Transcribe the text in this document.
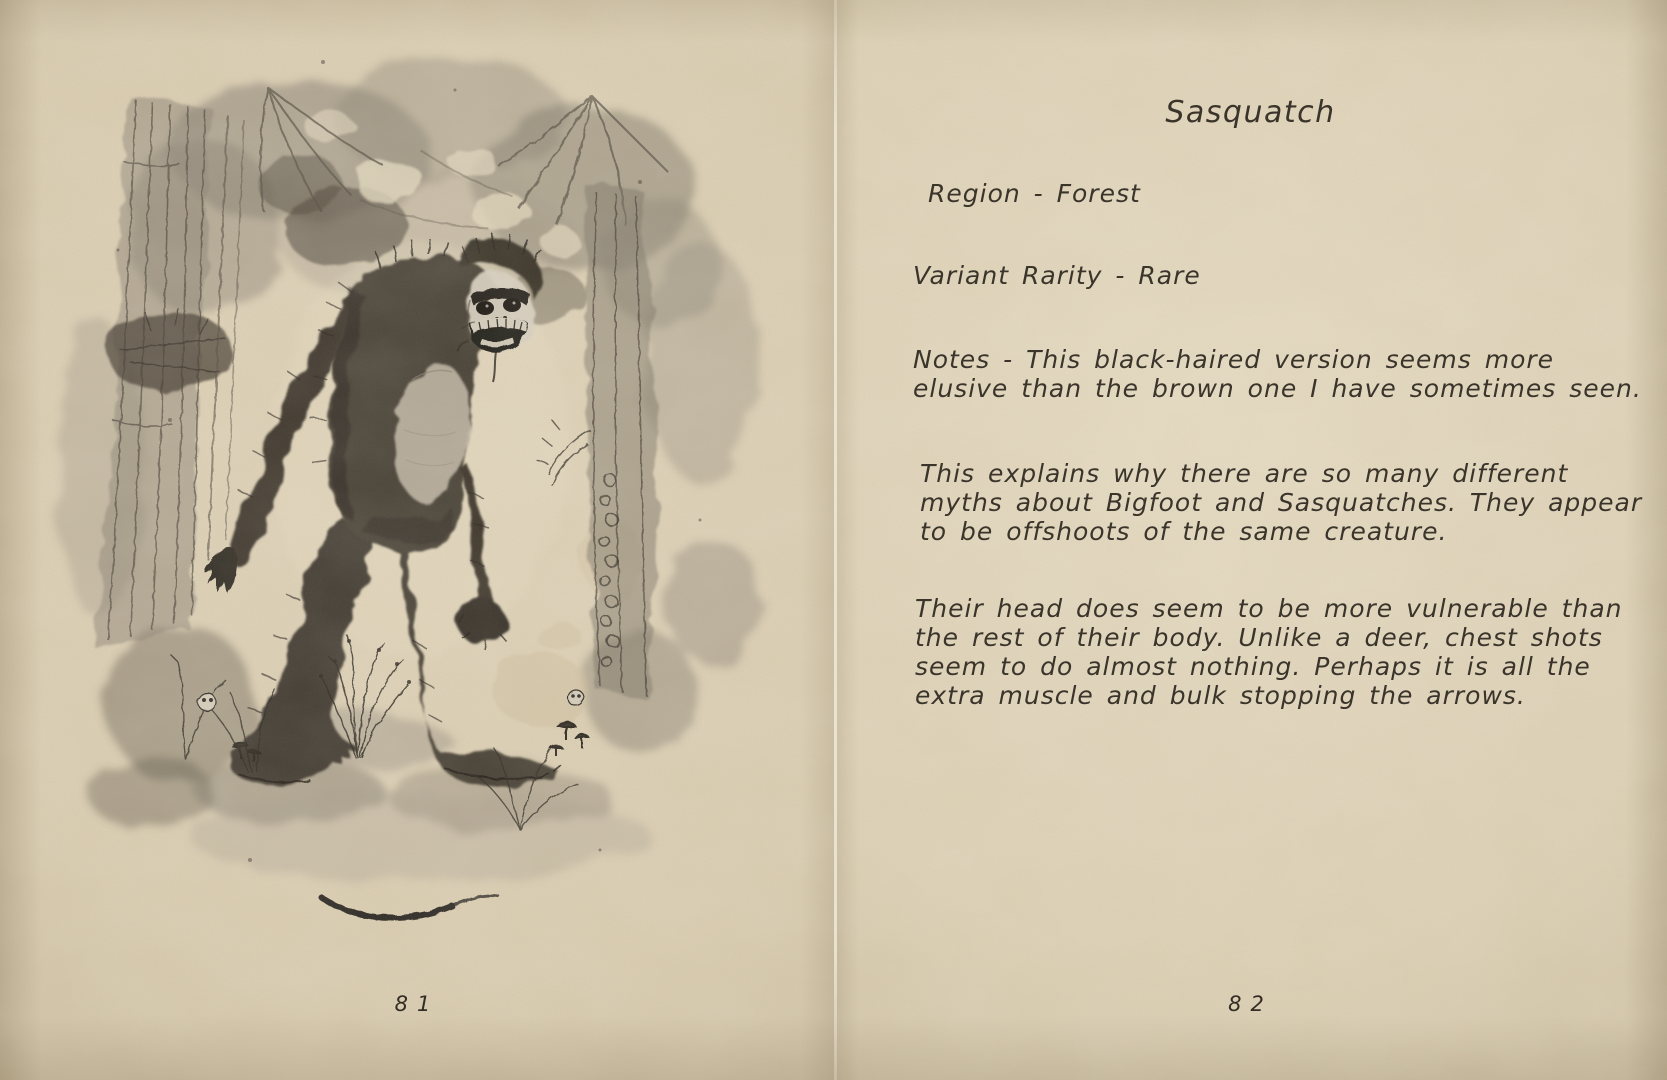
81
Sasquatch
Region - Forest
Variant Rarity - Rare
Notes - This black-haired version seems more
elusive than the brown one I have sometimes seen.
This explains why there are so many different
myths about Bigfoot and Sasquatches. They appear
to be offshoots of the same creature.
Their head does seem to be more vulnerable than
the rest of their body. Unlike a deer, chest shots
seem to do almost nothing. Perhaps it is all the
extra muscle and bulk stopping the arrows.
82
